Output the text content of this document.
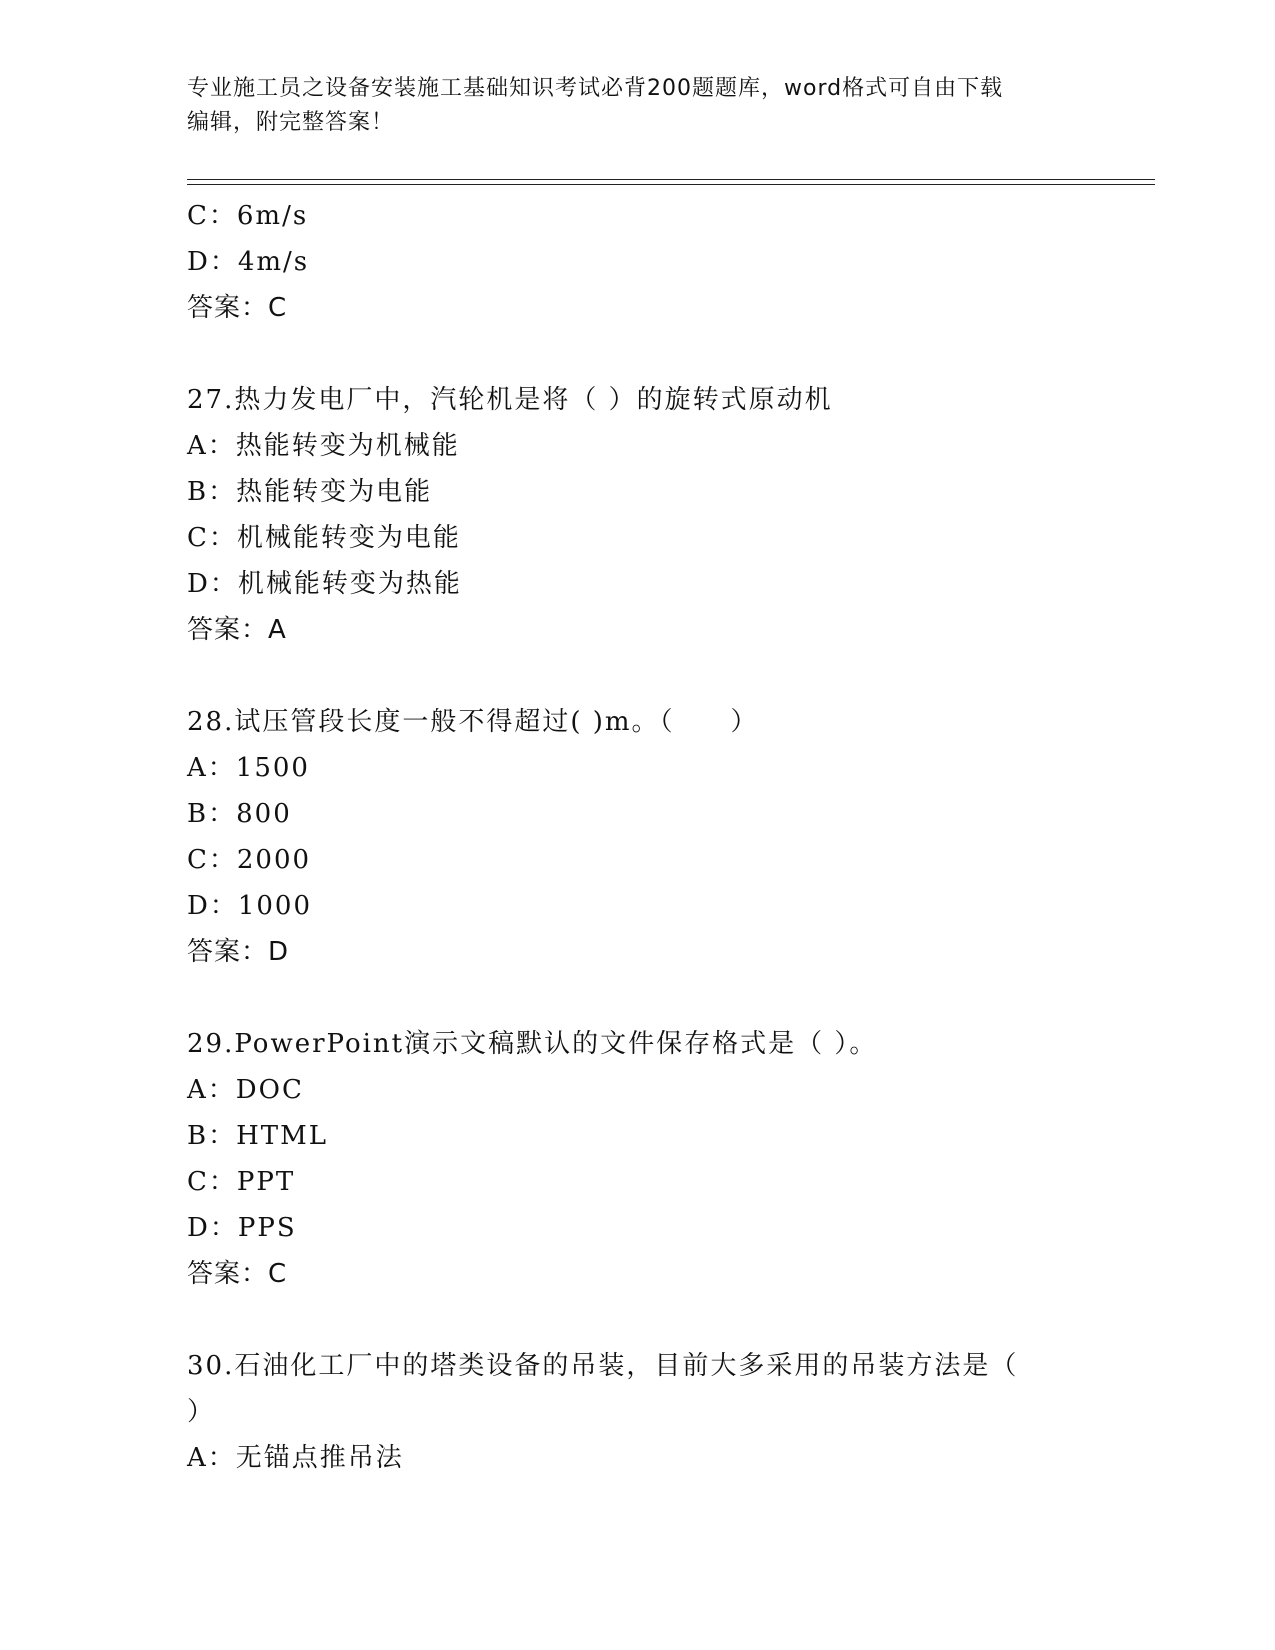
专业施工员之设备安装施工基础知识考试必背200题题库，word格式可自由下载
编辑，附完整答案！
C：6m/s
D：4m/s
答案：C
27.热力发电厂中，汽轮机是将（ ）的旋转式原动机
A：热能转变为机械能
B：热能转变为电能
C：机械能转变为电能
D：机械能转变为热能
答案：A
28.试压管段长度一般不得超过( )m。（　　）
A：1500
B：800
C：2000
D：1000
答案：D
29.PowerPoint演示文稿默认的文件保存格式是（ ）。
A：DOC
B：HTML
C：PPT
D：PPS
答案：C
30.石油化工厂中的塔类设备的吊装，目前大多采用的吊装方法是（
）
A：无锚点推吊法
